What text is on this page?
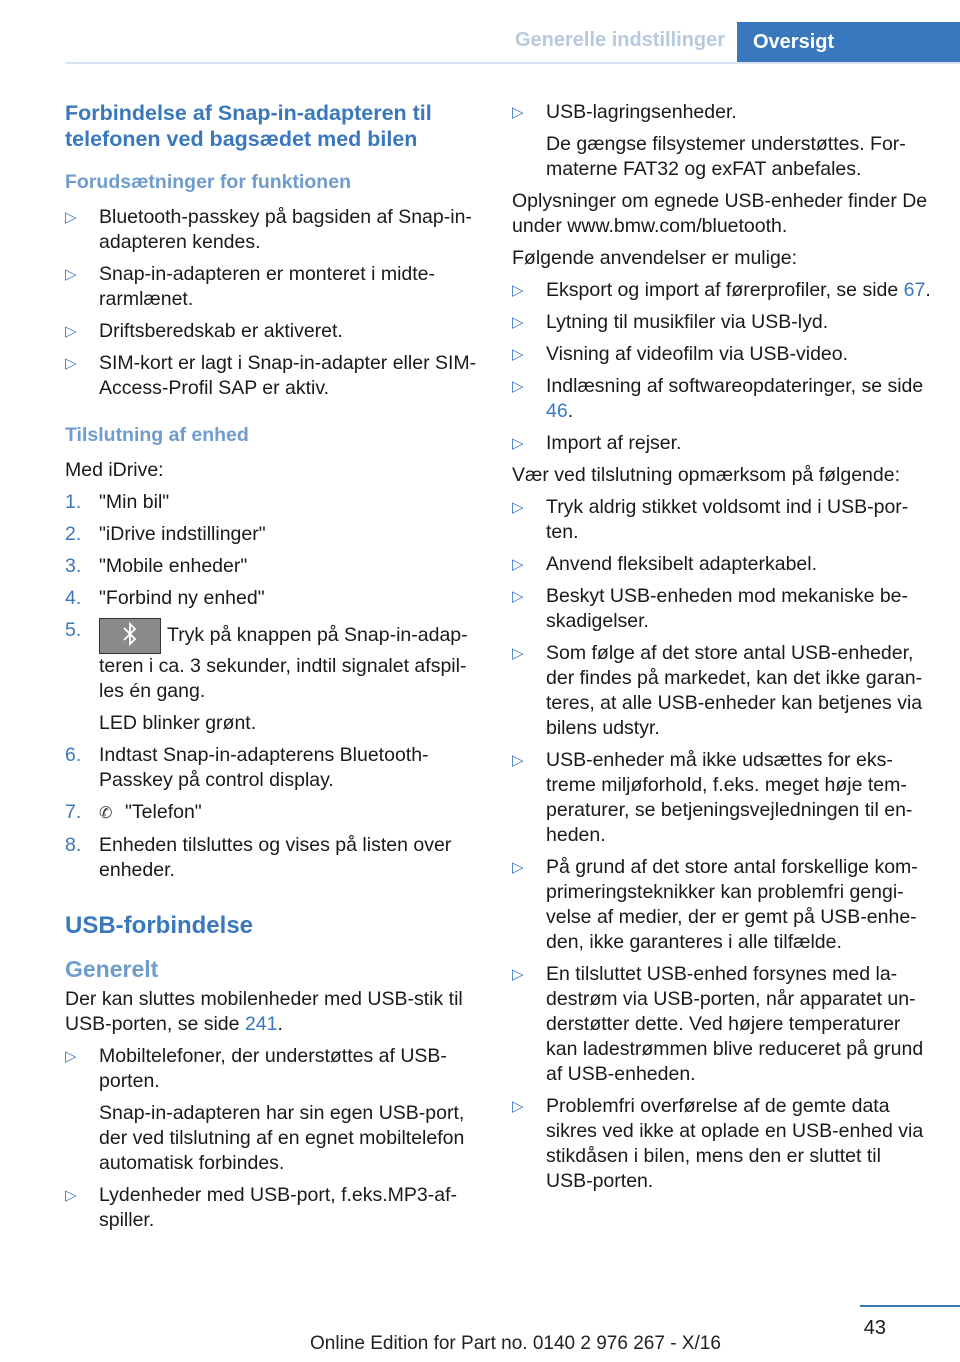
Generelle indstillinger	Oversigt
Forbindelse af Snap-in-adapteren til telefonen ved bagsædet med bilen
Forudsætninger for funktionen
▷	Bluetooth-passkey på bagsiden af Snap-in-adapteren kendes.
▷	Snap-in-adapteren er monteret i midte-rarmlænet.
▷	Driftsberedskab er aktiveret.
▷	SIM-kort er lagt i Snap-in-adapter eller SIM-Access-Profil SAP er aktiv.
Tilslutning af enhed

Med iDrive:

1. "Min bil"
2. "iDrive indstillinger"
3. "Mobile enheder"
4. "Forbind ny enhed"
5.	Tryk på knappen på Snap-in-adap-teren i ca. 3 sekunder, indtil signalet afspil-les én gang.
LED blinker grønt.
6. Indtast Snap-in-adapterens Bluetooth-Passkey på control display.
7.	✆ "Telefon"
8. Enheden tilsluttes og vises på listen over enheder.
USB-forbindelse
Generelt

Der kan sluttes mobilenheder med USB-stik til USB-porten, se side 241.

▷	Mobiltelefoner, der understøttes af USB-porten.
Snap-in-adapteren har sin egen USB-port, der ved tilslutning af en egnet mobiltelefon automatisk forbindes.
▷	Lydenheder med USB-port, f.eks.MP3-af-spiller.
▷	USB-lagringsenheder.
De gængse filsystemer understøttes. For-materne FAT32 og exFAT anbefales.

Oplysninger om egnede USB-enheder finder De under www.bmw.com/bluetooth.

Følgende anvendelser er mulige:

▷	Eksport og import af førerprofiler, se side 67.
▷	Lytning til musikfiler via USB-lyd.
▷	Visning af videofilm via USB-video.
▷	Indlæsning af softwareopdateringer, se side 46.
▷	Import af rejser.

Vær ved tilslutning opmærksom på følgende:

▷	Tryk aldrig stikket voldsomt ind i USB-por-ten.
▷	Anvend fleksibelt adapterkabel.
▷	Beskyt USB-enheden mod mekaniske be-skadigelser.
▷	Som følge af det store antal USB-enheder, der findes på markedet, kan det ikke garan-teres, at alle USB-enheder kan betjenes via bilens udstyr.
▷	USB-enheder må ikke udsættes for eks-treme miljøforhold, f.eks. meget høje tem-peraturer, se betjeningsvejledningen til en-heden.
▷	På grund af det store antal forskellige kom-primeringsteknikker kan problemfri gengi-velse af medier, der er gemt på USB-enhe-den, ikke garanteres i alle tilfælde.
▷	En tilsluttet USB-enhed forsynes med la-destrøm via USB-porten, når apparatet un-derstøtter dette. Ved højere temperaturer kan ladestrømmen blive reduceret på grund af USB-enheden.
▷	Problemfri overførelse af de gemte data sikres ved ikke at oplade en USB-enhed via stikdåsen i bilen, mens den er sluttet til USB-porten.
43
Online Edition for Part no. 0140 2 976 267 - X/16
